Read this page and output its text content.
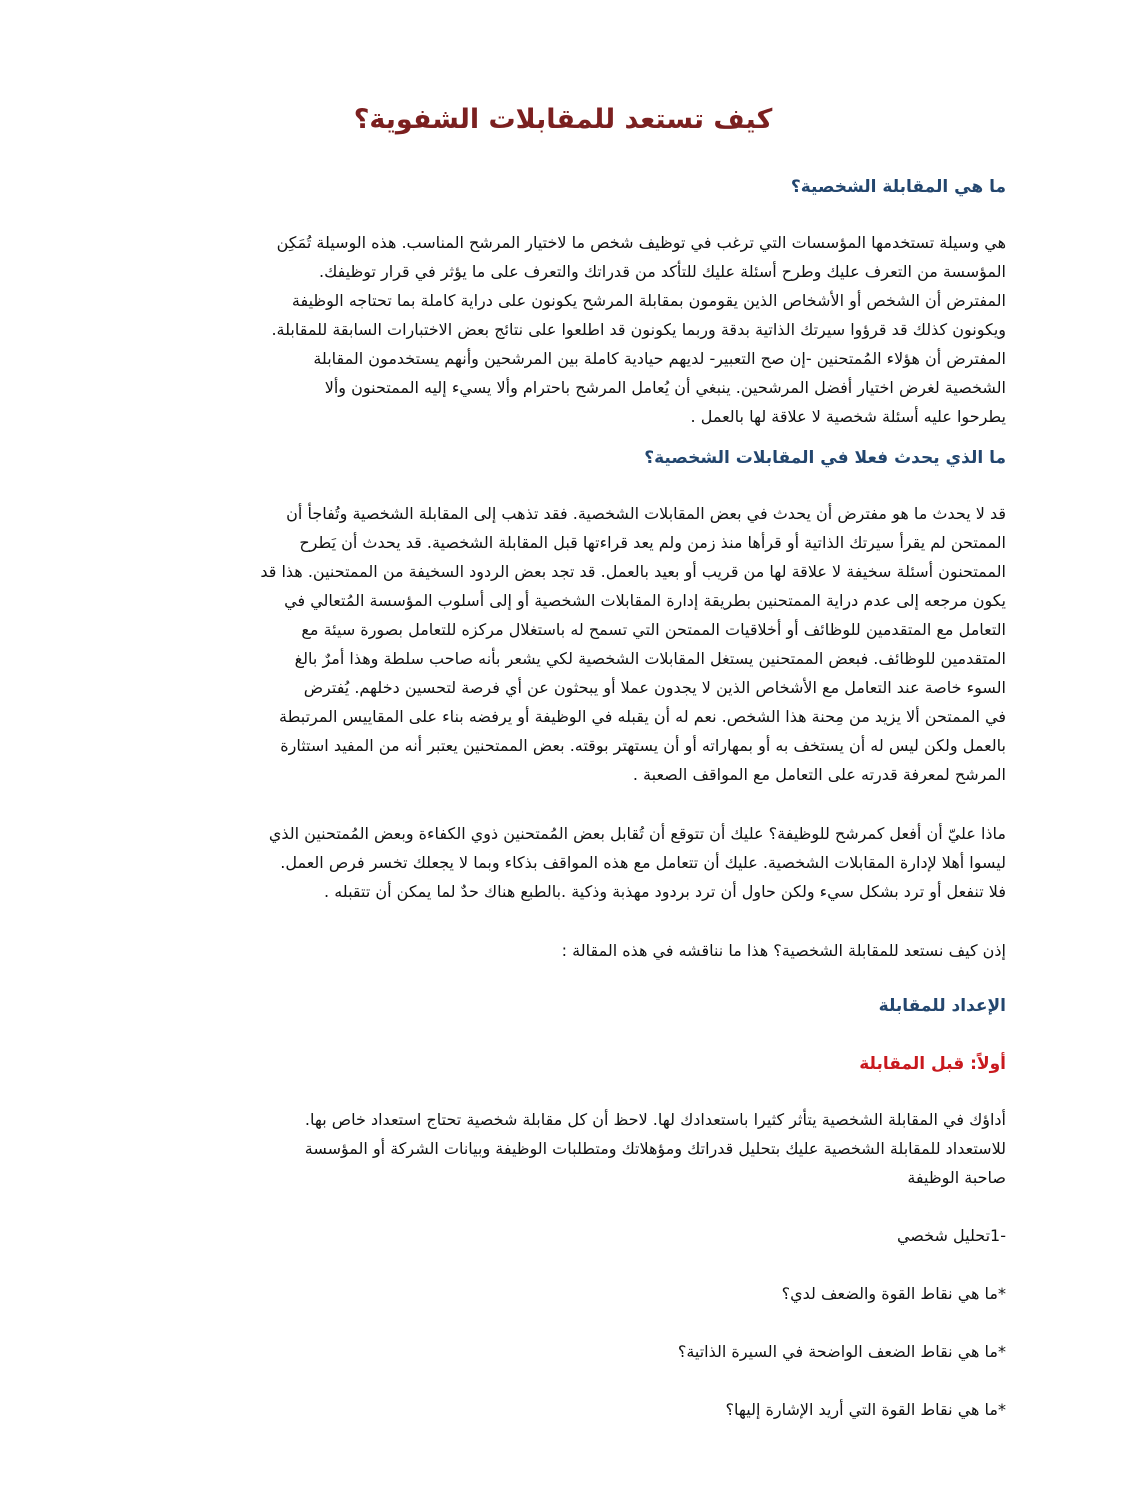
كيف تستعد للمقابلات الشفوية؟
ما هي المقابلة الشخصية؟

هي وسيلة تستخدمها المؤسسات التي ترغب في توظيف شخص ما لاختيار المرشح المناسب. هذه الوسيلة تُمَكِن
المؤسسة من التعرف عليك وطرح أسئلة عليك للتأكد من قدراتك والتعرف على ما يؤثر في قرار توظيفك.
المفترض أن الشخص أو الأشخاص الذين يقومون بمقابلة المرشح يكونون على دراية كاملة بما تحتاجه الوظيفة
ويكونون كذلك قد قرؤوا سيرتك الذاتية بدقة وربما يكونون قد اطلعوا على نتائج بعض الاختبارات السابقة للمقابلة.
المفترض أن هؤلاء المُمتحنين -إن صح التعبير- لديهم حيادية كاملة بين المرشحين وأنهم يستخدمون المقابلة
الشخصية لغرض اختيار أفضل المرشحين. ينبغي أن يُعامل المرشح باحترام وألا يسيء إليه الممتحنون وألا
يطرحوا عليه أسئلة شخصية لا علاقة لها بالعمل .

ما الذي يحدث فعلا في المقابلات الشخصية؟

قد لا يحدث ما هو مفترض أن يحدث في بعض المقابلات الشخصية. فقد تذهب إلى المقابلة الشخصية وتُفاجأ أن
الممتحن لم يقرأ سيرتك الذاتية أو قرأها منذ زمن ولم يعد قراءتها قبل المقابلة الشخصية. قد يحدث أن يَطرح
الممتحنون أسئلة سخيفة لا علاقة لها من قريب أو بعيد بالعمل. قد تجد بعض الردود السخيفة من الممتحنين. هذا قد
يكون مرجعه إلى عدم دراية الممتحنين بطريقة إدارة المقابلات الشخصية أو إلى أسلوب المؤسسة المُتعالي في
التعامل مع المتقدمين للوظائف أو أخلاقيات الممتحن التي تسمح له باستغلال مركزه للتعامل بصورة سيئة مع
المتقدمين للوظائف. فبعض الممتحنين يستغل المقابلات الشخصية لكي يشعر بأنه صاحب سلطة وهذا أمرٌ بالغ
السوء خاصة عند التعامل مع الأشخاص الذين لا يجدون عملا أو يبحثون عن أي فرصة لتحسين دخلهم. يُفترض
في الممتحن ألا يزيد من مِحنة هذا الشخص. نعم له أن يقبله في الوظيفة أو يرفضه بناء على المقاييس المرتبطة
بالعمل ولكن ليس له أن يستخف به أو بمهاراته أو أن يستهتر بوقته. بعض الممتحنين يعتبر أنه من المفيد استثارة
المرشح لمعرفة قدرته على التعامل مع المواقف الصعبة .

ماذا عليّ أن أفعل كمرشح للوظيفة؟ عليك أن تتوقع أن تُقابل بعض المُمتحنين ذوي الكفاءة وبعض المُمتحنين الذي
ليسوا أهلا لإدارة المقابلات الشخصية. عليك أن تتعامل مع هذه المواقف بذكاء وبما لا يجعلك تخسر فرص العمل.
فلا تنفعل أو ترد بشكل سيء ولكن حاول أن ترد بردود مهذبة وذكية .بالطبع هناك حدٌ لما يمكن أن تتقبله .

إذن كيف نستعد للمقابلة الشخصية؟ هذا ما نناقشه في هذه المقالة :

الإعداد للمقابلة
أولاً: قبل المقابلة

أداؤك في المقابلة الشخصية يتأثر كثيرا باستعدادك لها. لاحظ أن كل مقابلة شخصية تحتاج استعداد خاص بها.
للاستعداد للمقابلة الشخصية عليك بتحليل قدراتك ومؤهلاتك ومتطلبات الوظيفة وبيانات الشركة أو المؤسسة
صاحبة الوظيفة

-1تحليل شخصي

*ما هي نقاط القوة والضعف لدي؟

*ما هي نقاط الضعف الواضحة في السيرة الذاتية؟

*ما هي نقاط القوة التي أريد الإشارة إليها؟
